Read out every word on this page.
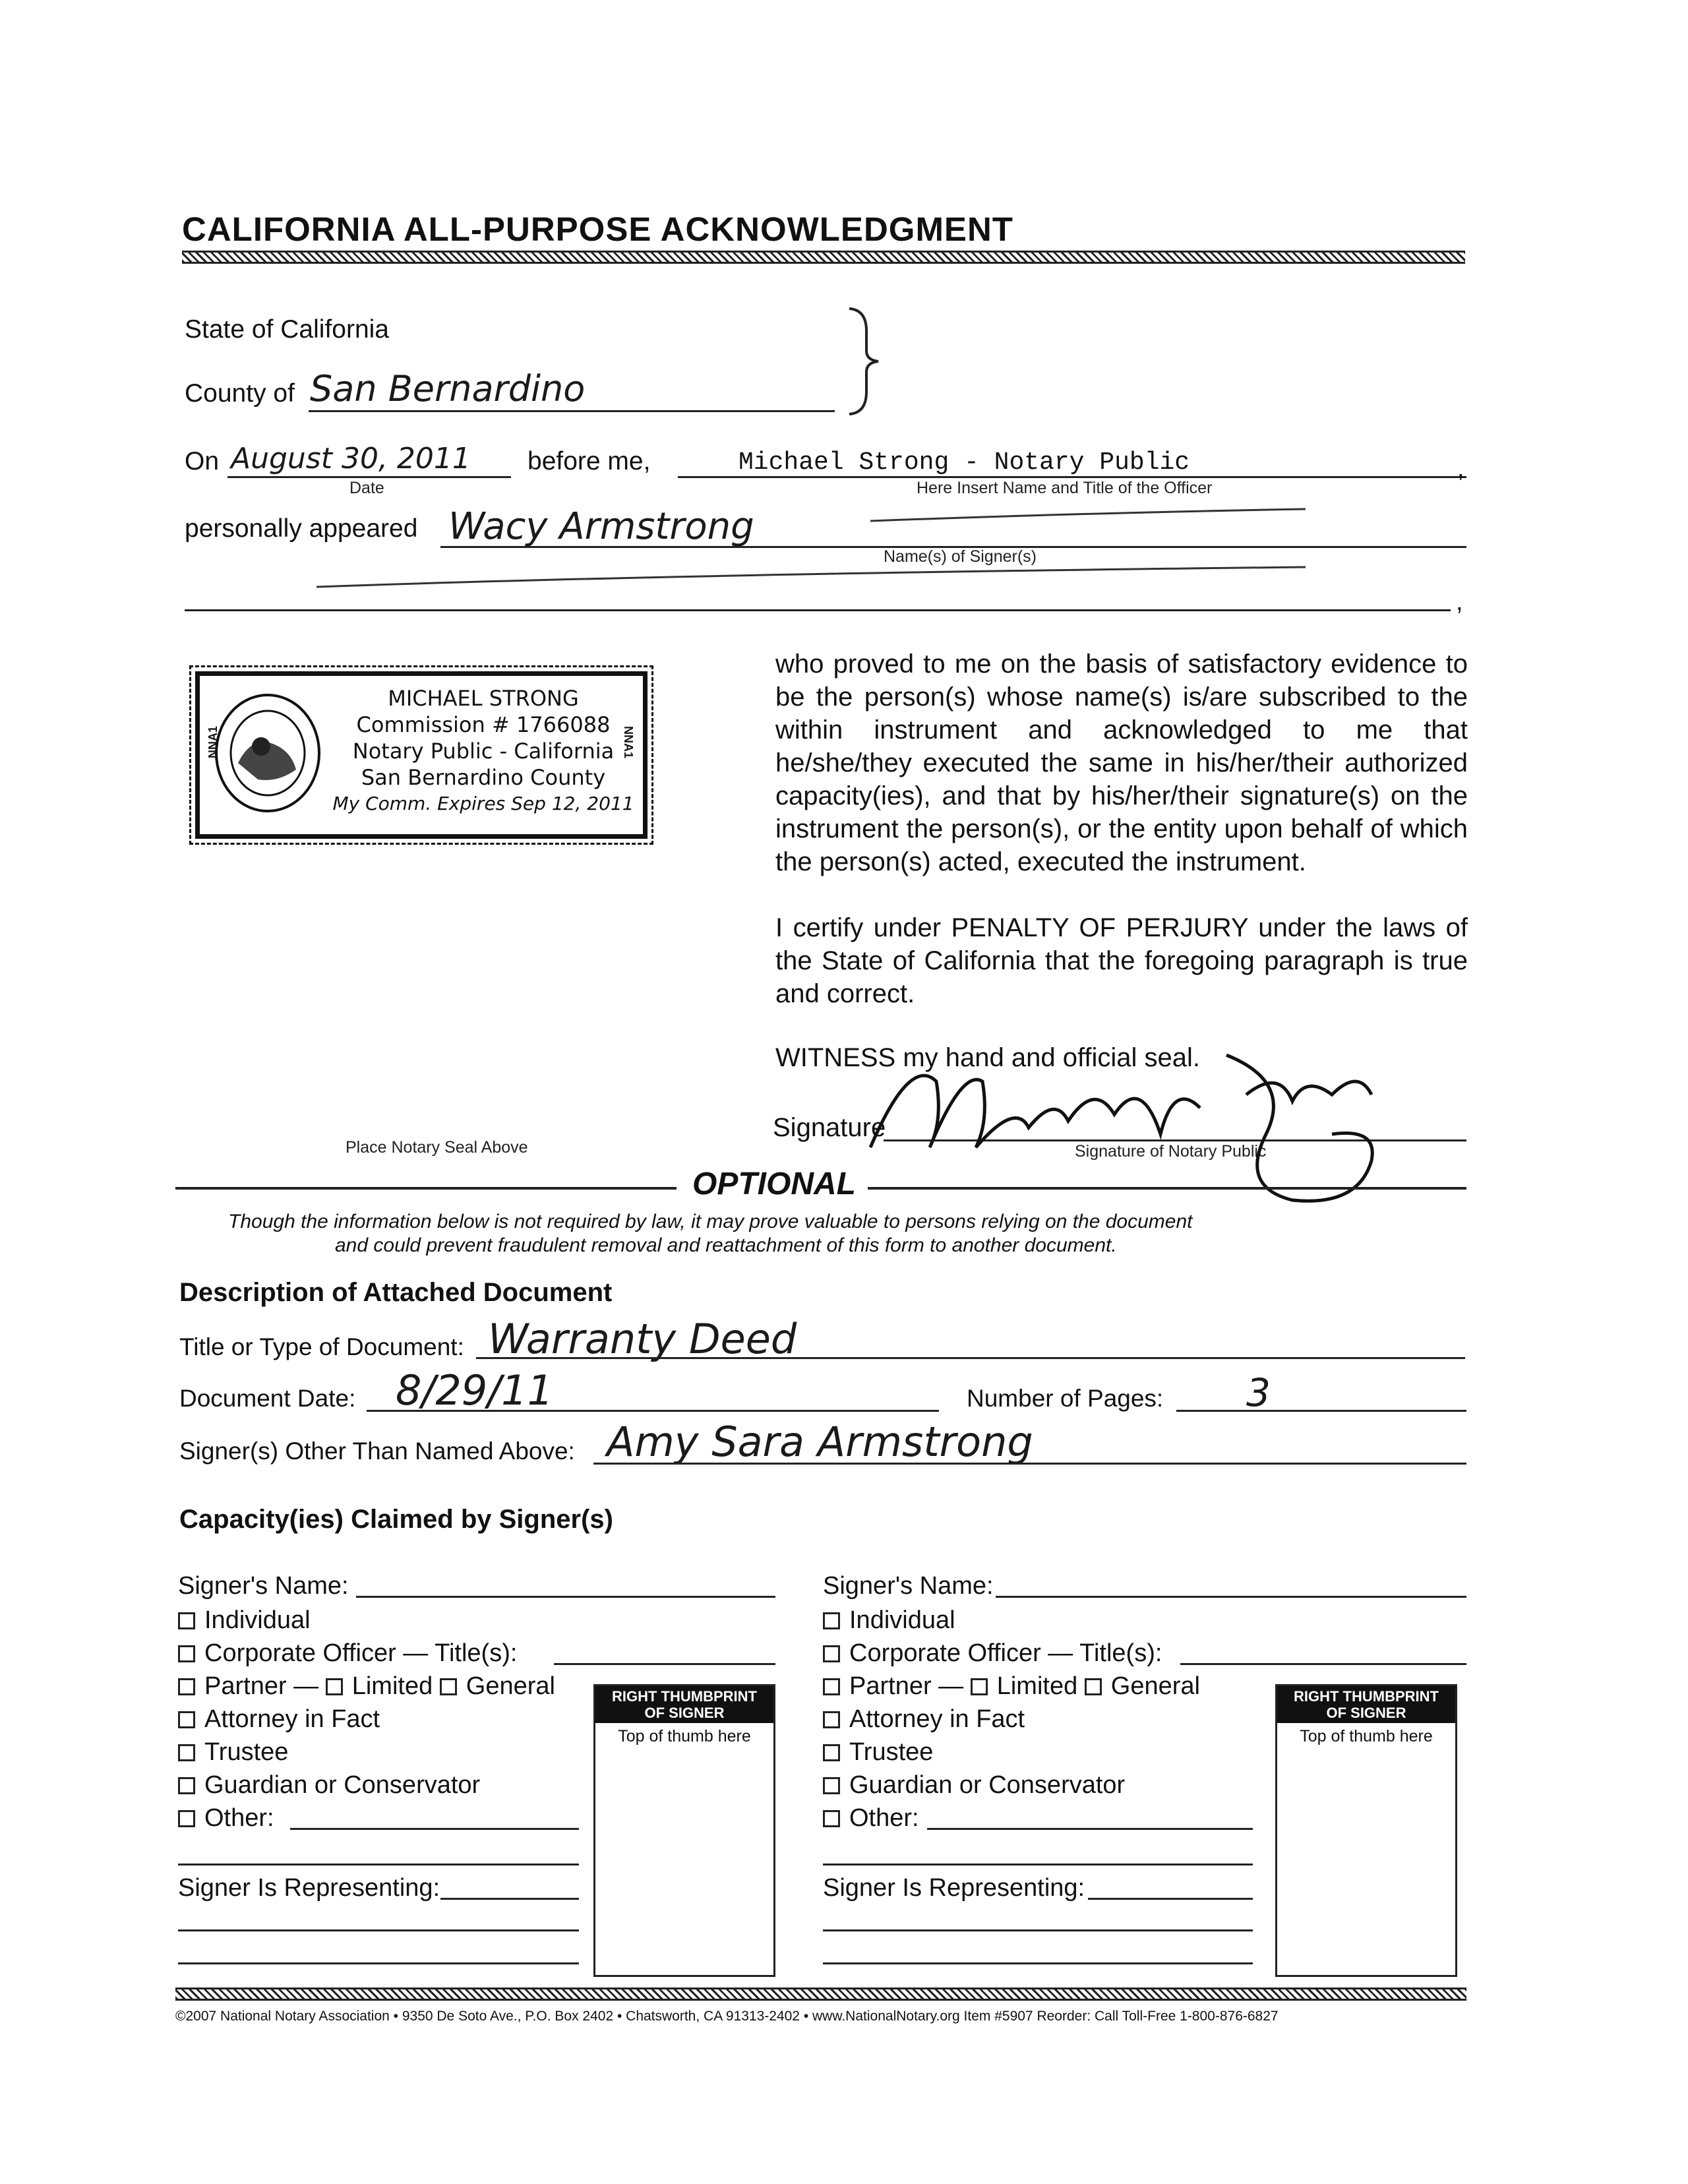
CALIFORNIA ALL-PURPOSE ACKNOWLEDGMENT
State of California
County of San Bernardino
On August 30, 2011
Date
before me,	Michael Strong - Notary Public
Here Insert Name and Title of the Officer
,
personally appeared Wacy Armstrong
Name(s) of Signer(s)
,
NNA1	NNA1
MICHAEL STRONG
Commission # 1766088
Notary Public - California
San Bernardino County
My Comm. Expires Sep 12, 2011
Place Notary Seal Above
who proved to me on the basis of satisfactory evidence to be the person(s) whose name(s) is/are subscribed to the within instrument and acknowledged to me that he/she/they executed the same in his/her/their authorized capacity(ies), and that by his/her/their signature(s) on the instrument the person(s), or the entity upon behalf of which the person(s) acted, executed the instrument.
I certify under PENALTY OF PERJURY under the laws of the State of California that the foregoing paragraph is true and correct.
WITNESS my hand and official seal.
Signature
Signature of Notary Public
OPTIONAL
Though the information below is not required by law, it may prove valuable to persons relying on the document
and could prevent fraudulent removal and reattachment of this form to another document.
Description of Attached Document
Title or Type of Document: Warranty Deed
Document Date: 8/29/11	Number of Pages: 3
Signer(s) Other Than Named Above: Amy Sara Armstrong
Capacity(ies) Claimed by Signer(s)
Signer's Name:
Individual
Corporate Officer — Title(s):
Partner — Limited General
Attorney in Fact
Trustee
Guardian or Conservator
Other:
Signer Is Representing:
RIGHT THUMBPRINT
OF SIGNER
Top of thumb here
Signer's Name:
Individual
Corporate Officer — Title(s):
Partner — Limited General
Attorney in Fact
Trustee
Guardian or Conservator
Other:
Signer Is Representing:
RIGHT THUMBPRINT
OF SIGNER
Top of thumb here
©2007 National Notary Association • 9350 De Soto Ave., P.O. Box 2402 • Chatsworth, CA 91313-2402 • www.NationalNotary.org Item #5907 Reorder: Call Toll-Free 1-800-876-6827
